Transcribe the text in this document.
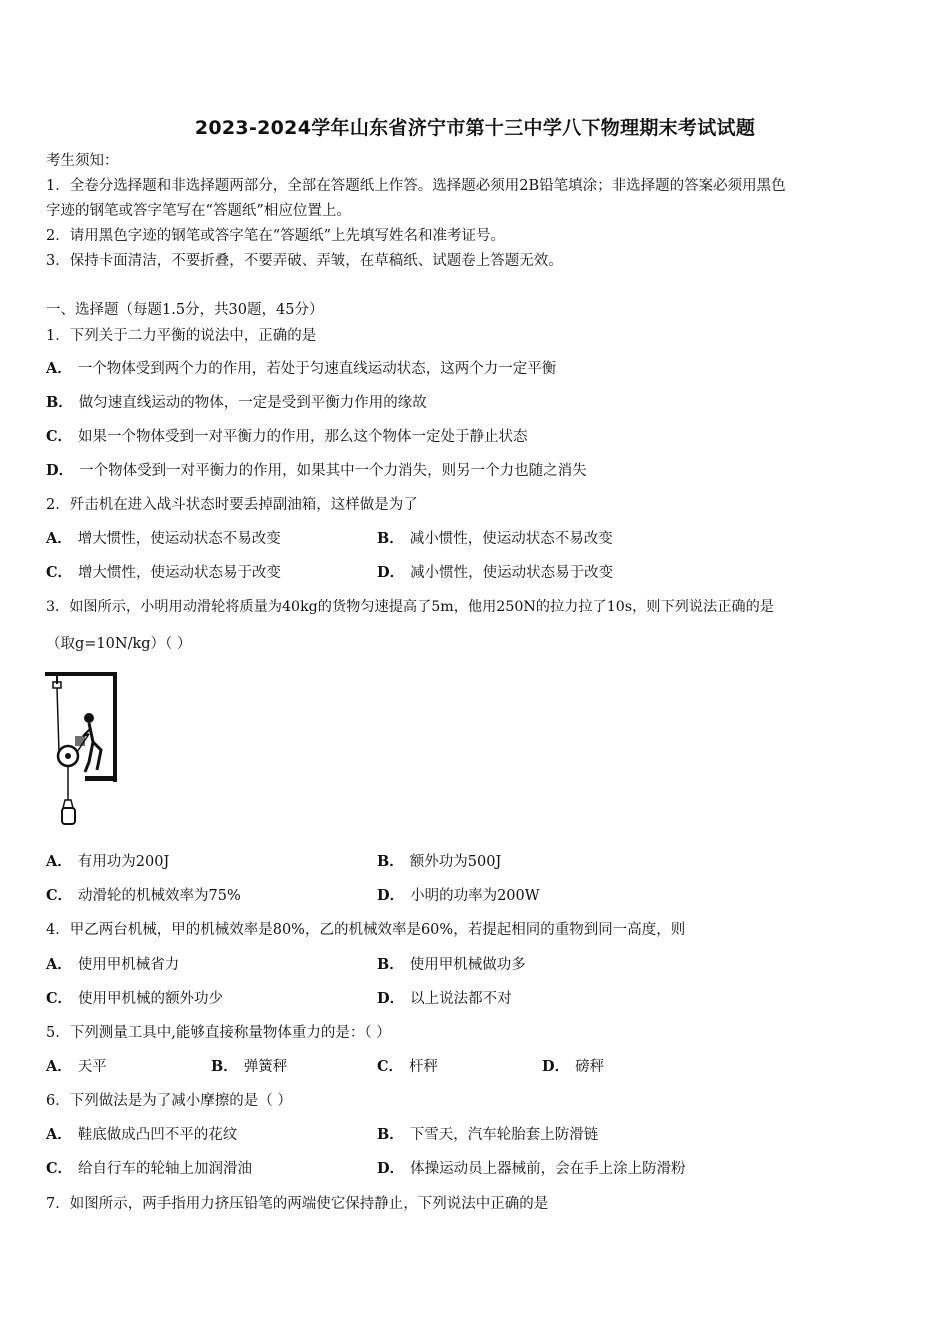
2023-2024学年山东省济宁市第十三中学八下物理期末考试试题
考生须知：
1．全卷分选择题和非选择题两部分，全部在答题纸上作答。选择题必须用2B铅笔填涂；非选择题的答案必须用黑色
字迹的钢笔或答字笔写在“答题纸”相应位置上。
2．请用黑色字迹的钢笔或答字笔在“答题纸”上先填写姓名和准考证号。
3．保持卡面清洁，不要折叠，不要弄破、弄皱，在草稿纸、试题卷上答题无效。
一、选择题（每题1.5分，共30题，45分）
1．下列关于二力平衡的说法中，正确的是
A． 一个物体受到两个力的作用，若处于匀速直线运动状态，这两个力一定平衡
B． 做匀速直线运动的物体，一定是受到平衡力作用的缘故
C． 如果一个物体受到一对平衡力的作用，那么这个物体一定处于静止状态
D． 一个物体受到一对平衡力的作用，如果其中一个力消失，则另一个力也随之消失
2．歼击机在进入战斗状态时要丢掉副油箱，这样做是为了
A． 增大惯性，使运动状态不易改变	B． 减小惯性，使运动状态不易改变
C． 增大惯性，使运动状态易于改变	D． 减小惯性，使运动状态易于改变
3．如图所示，小明用动滑轮将质量为40kg的货物匀速提高了5m，他用250N的拉力拉了10s，则下列说法正确的是
（取g=10N/kg）（ ）
A． 有用功为200J	B． 额外功为500J
C． 动滑轮的机械效率为75%	D． 小明的功率为200W
4．甲乙两台机械，甲的机械效率是80%，乙的机械效率是60%，若提起相同的重物到同一高度，则
A． 使用甲机械省力	B． 使用甲机械做功多
C． 使用甲机械的额外功少	D． 以上说法都不对
5．下列测量工具中,能够直接称量物体重力的是：（ ）
A． 天平	B． 弹簧秤	C． 杆秤	D． 磅秤
6．下列做法是为了减小摩擦的是（ ）
A． 鞋底做成凸凹不平的花纹	B． 下雪天，汽车轮胎套上防滑链
C． 给自行车的轮轴上加润滑油	D． 体操运动员上器械前，会在手上涂上防滑粉
7．如图所示，两手指用力挤压铅笔的两端使它保持静止，下列说法中正确的是
